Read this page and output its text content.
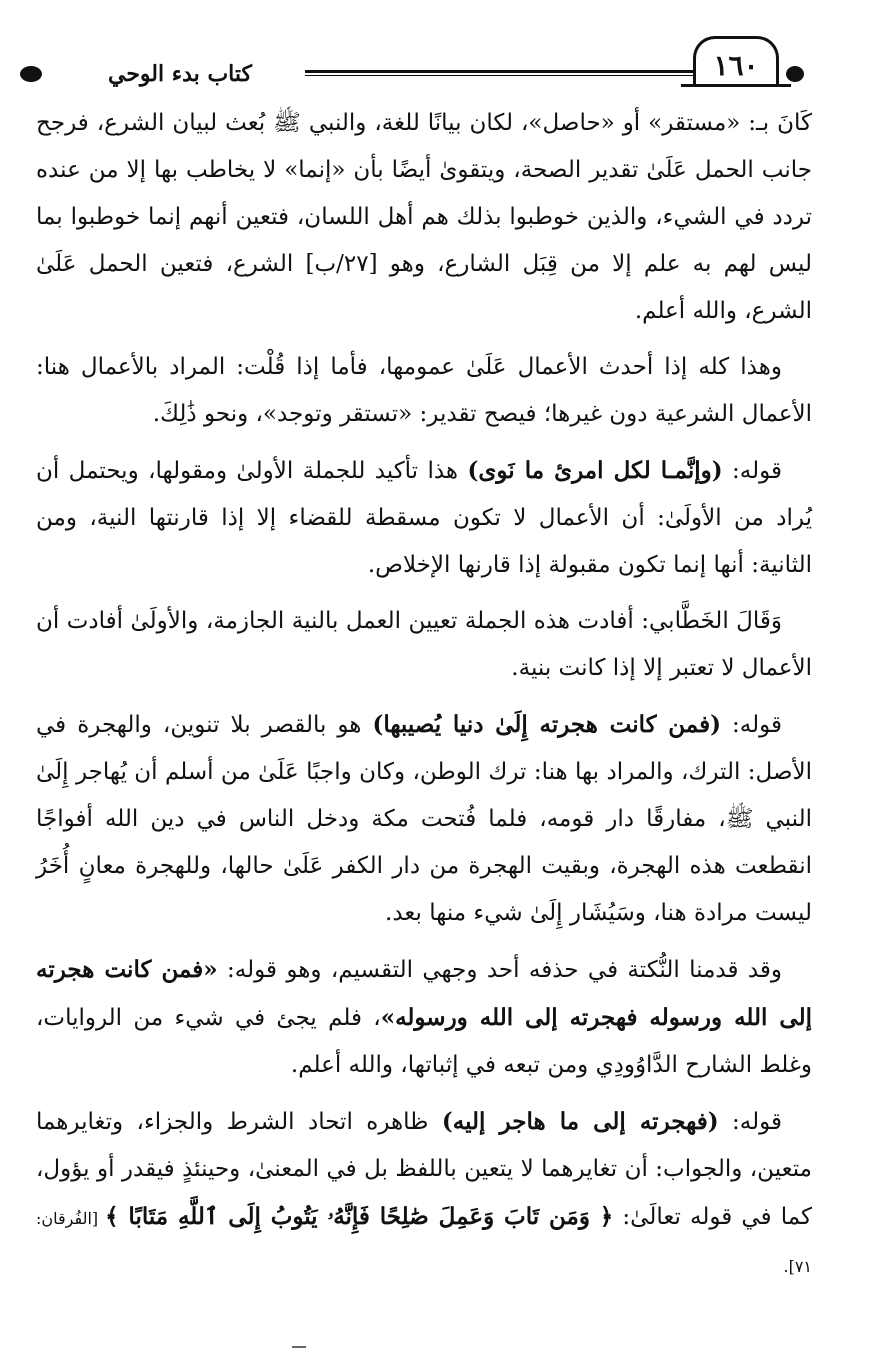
كتاب بدء الوحي	١٦٠

كَانَ بـ: «مستقر» أو «حاصل»، لكان بيانًا للغة، والنبي ﷺ بُعث لبيان الشرع، فرجح جانب الحمل عَلَىٰ تقدير الصحة، ويتقوىٰ أيضًا بأن «إنما» لا يخاطب بها إلا من عنده تردد في الشيء، والذين خوطبوا بذلك هم أهل اللسان، فتعين أنهم إنما خوطبوا بما ليس لهم به علم إلا من قِبَل الشارع، وهو [٢٧/ب] الشرع، فتعين الحمل عَلَىٰ الشرع، والله أعلم.

وهذا كله إذا أحدث الأعمال عَلَىٰ عمومها، فأما إذا قُلْت: المراد بالأعمال هنا: الأعمال الشرعية دون غيرها؛ فيصح تقدير: «تستقر وتوجد»، ونحو ذَٰلِكَ.

قوله: (وإنَّمـا لكل امرئ ما نَوى) هذا تأكيد للجملة الأولىٰ ومقولها، ويحتمل أن يُراد من الأولَىٰ: أن الأعمال لا تكون مسقطة للقضاء إلا إذا قارنتها النية، ومن الثانية: أنها إنما تكون مقبولة إذا قارنها الإخلاص.

وَقَالَ الخَطَّابي: أفادت هذه الجملة تعيين العمل بالنية الجازمة، والأولَىٰ أفادت أن الأعمال لا تعتبر إلا إذا كانت بنية.

قوله: (فمن كانت هجرته إِلَىٰ دنيا يُصيبها) هو بالقصر بلا تنوين، والهجرة في الأصل: الترك، والمراد بها هنا: ترك الوطن، وكان واجبًا عَلَىٰ من أسلم أن يُهاجر إِلَىٰ النبي ﷺ، مفارقًا دار قومه، فلما فُتحت مكة ودخل الناس في دين الله أفواجًا انقطعت هذه الهجرة، وبقيت الهجرة من دار الكفر عَلَىٰ حالها، وللهجرة معانٍ أُخَرُ ليست مرادة هنا، وسَيُشَار إِلَىٰ شيء منها بعد.

وقد قدمنا النُّكتة في حذفه أحد وجهي التقسيم، وهو قوله: «فمن كانت هجرته إلى الله ورسوله فهجرته إلى الله ورسوله»، فلم يجئ في شيء من الروايات، وغلط الشارح الدَّاوُودِي ومن تبعه في إثباتها، والله أعلم.

قوله: (فهجرته إلى ما هاجر إليه) ظاهره اتحاد الشرط والجزاء، وتغايرهما متعين، والجواب: أن تغايرهما لا يتعين باللفظ بل في المعنىٰ، وحينئذٍ فيقدر أو يؤول، كما في قوله تعالَىٰ: ﴿ وَمَن تَابَ وَعَمِلَ صَٰلِحًا فَإِنَّهُۥ يَتُوبُ إِلَى ٱللَّهِ مَتَابًا ﴾ [الفُرقان: ٧١].
